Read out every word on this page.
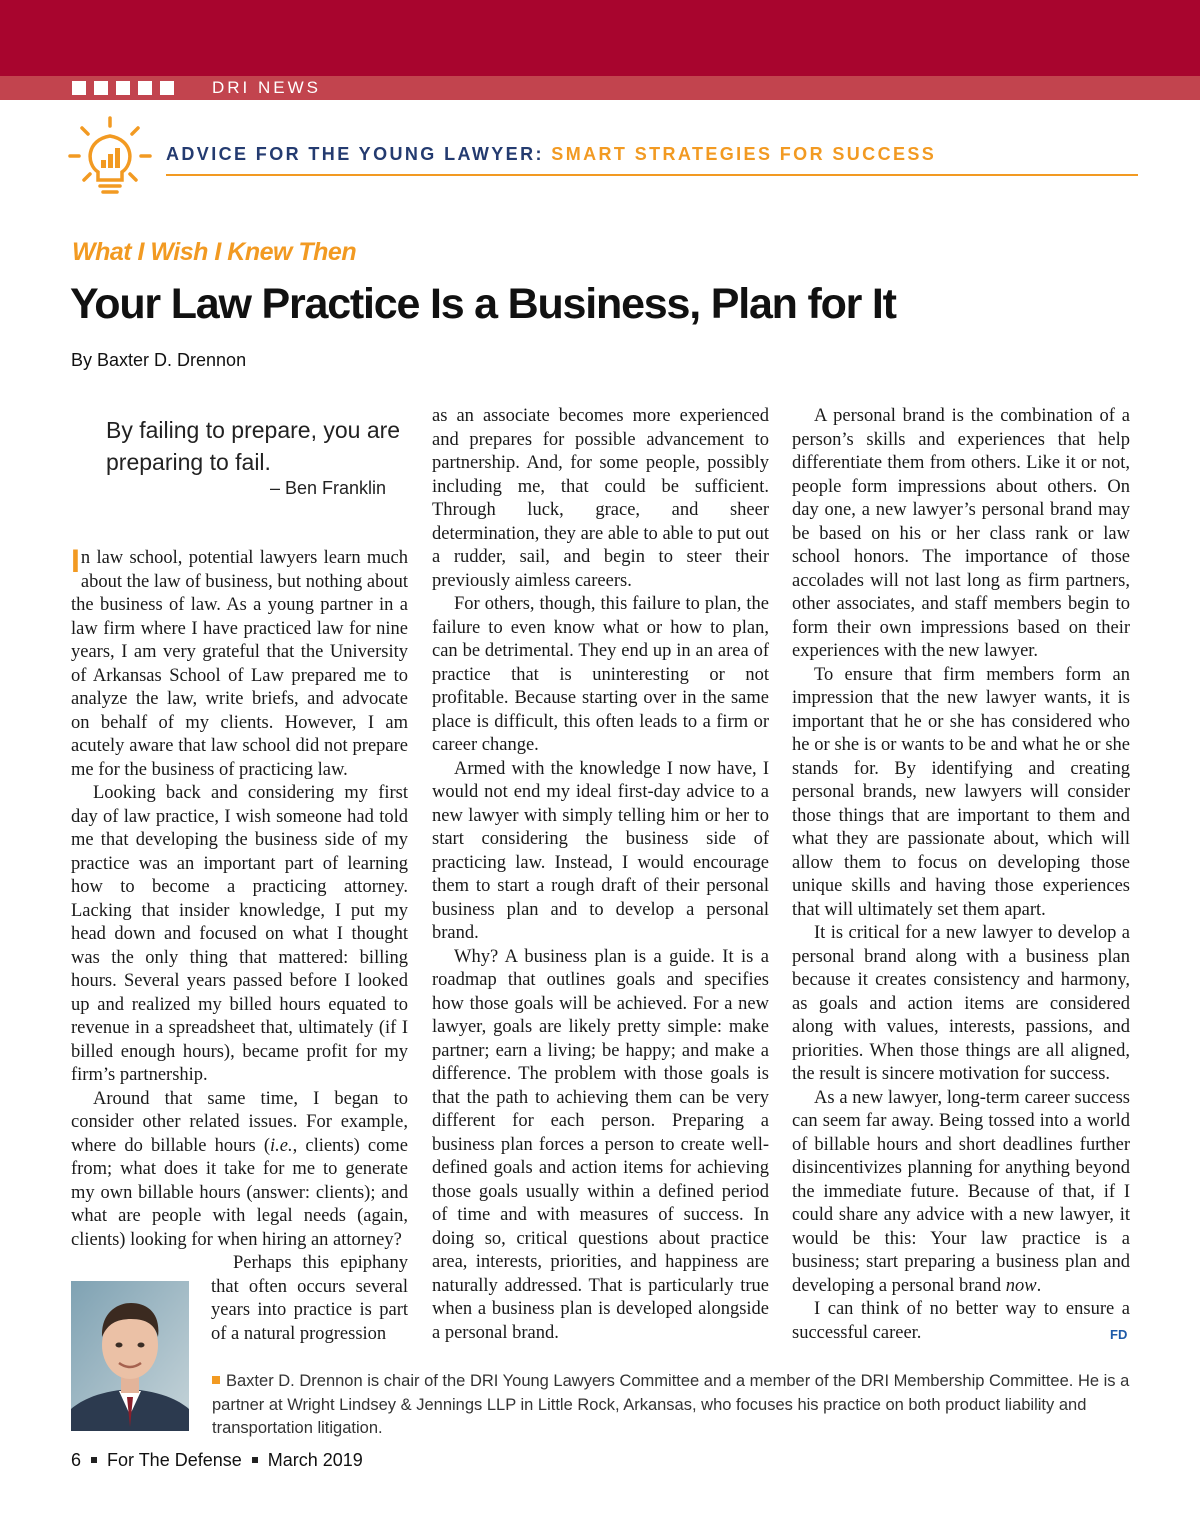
DRI NEWS
ADVICE FOR THE YOUNG LAWYER: SMART STRATEGIES FOR SUCCESS
What I Wish I Knew Then
Your Law Practice Is a Business, Plan for It
By Baxter D. Drennon
By failing to prepare, you are preparing to fail.
– Ben Franklin

In law school, potential lawyers learn much about the law of business, but nothing about the business of law. As a young partner in a law firm where I have practiced law for nine years, I am very grateful that the University of Arkansas School of Law prepared me to analyze the law, write briefs, and advocate on behalf of my clients. However, I am acutely aware that law school did not prepare me for the business of practicing law.

Looking back and considering my first day of law practice, I wish someone had told me that developing the business side of my practice was an important part of learning how to become a practicing attorney. Lacking that insider knowledge, I put my head down and focused on what I thought was the only thing that mattered: billing hours. Several years passed before I looked up and realized my billed hours equated to revenue in a spreadsheet that, ultimately (if I billed enough hours), became profit for my firm’s partnership.

Around that same time, I began to consider other related issues. For example, where do billable hours (i.e., clients) come from; what does it take for me to generate my own billable hours (answer: clients); and what are people with legal needs (again, clients) looking for when hiring an attorney?

Perhaps this epiphany that often occurs several years into practice is part of a natural progression

as an associate becomes more experienced and prepares for possible advancement to partnership. And, for some people, possibly including me, that could be sufficient. Through luck, grace, and sheer determination, they are able to able to put out a rudder, sail, and begin to steer their previously aimless careers.

For others, though, this failure to plan, the failure to even know what or how to plan, can be detrimental. They end up in an area of practice that is uninteresting or not profitable. Because starting over in the same place is difficult, this often leads to a firm or career change.

Armed with the knowledge I now have, I would not end my ideal first-day advice to a new lawyer with simply telling him or her to start considering the business side of practicing law. Instead, I would encourage them to start a rough draft of their personal business plan and to develop a personal brand.

Why? A business plan is a guide. It is a roadmap that outlines goals and specifies how those goals will be achieved. For a new lawyer, goals are likely pretty simple: make partner; earn a living; be happy; and make a difference. The problem with those goals is that the path to achieving them can be very different for each person. Preparing a business plan forces a person to create well-defined goals and action items for achieving those goals usually within a defined period of time and with measures of success. In doing so, critical questions about practice area, interests, priorities, and happiness are naturally addressed. That is particularly true when a business plan is developed alongside a personal brand.

A personal brand is the combination of a person’s skills and experiences that help differentiate them from others. Like it or not, people form impressions about others. On day one, a new lawyer’s personal brand may be based on his or her class rank or law school honors. The importance of those accolades will not last long as firm partners, other associates, and staff members begin to form their own impressions based on their experiences with the new lawyer.

To ensure that firm members form an impression that the new lawyer wants, it is important that he or she has considered who he or she is or wants to be and what he or she stands for. By identifying and creating personal brands, new lawyers will consider those things that are important to them and what they are passionate about, which will allow them to focus on developing those unique skills and having those experiences that will ultimately set them apart.

It is critical for a new lawyer to develop a personal brand along with a business plan because it creates consistency and harmony, as goals and action items are considered along with values, interests, passions, and priorities. When those things are all aligned, the result is sincere motivation for success.

As a new lawyer, long-term career success can seem far away. Being tossed into a world of billable hours and short deadlines further disincentivizes planning for anything beyond the immediate future. Because of that, if I could share any advice with a new lawyer, it would be this: Your law practice is a business; start preparing a business plan and developing a personal brand now.

I can think of no better way to ensure a successful career.	FD
Baxter D. Drennon is chair of the DRI Young Lawyers Committee and a member of the DRI Membership Committee. He is a partner at Wright Lindsey & Jennings LLP in Little Rock, Arkansas, who focuses his practice on both product liability and transportation litigation.
6 For The Defense March 2019
